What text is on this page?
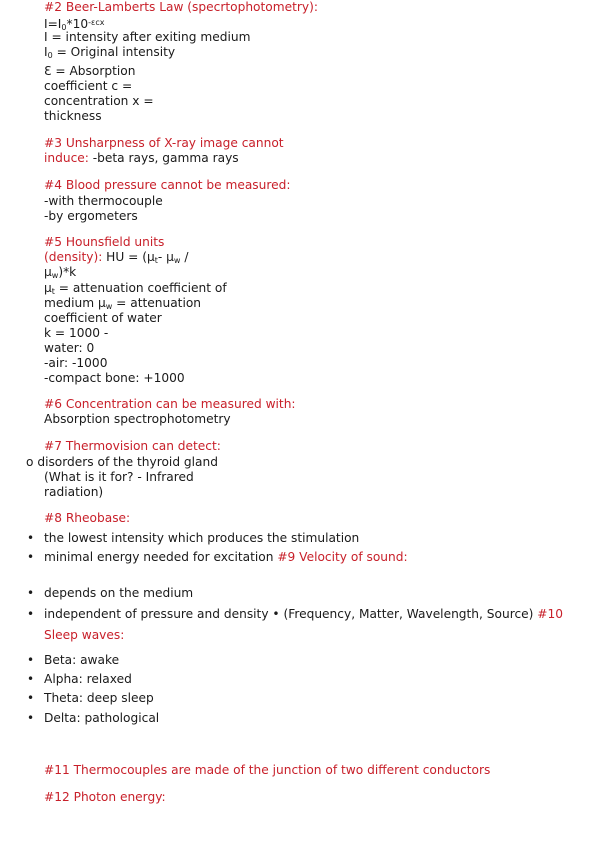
#2 Beer-Lamberts Law (specrtophotometry):
$I=I_0*10^{-\varepsilon cx}$
I = intensity after exiting medium
$I_0$ = Original intensity
Ɛ = Absorption
coefficient c =
concentration x =
thickness
#3 Unsharpness of X-ray image cannot
induce: -beta rays, gamma rays
#4 Blood pressure cannot be measured:
-with thermocouple
-by ergometers
#5 Hounsfield units
(density): HU = ($\mu_t-$ $\mu_w$ /
$\mu_w)*k$
$\mu_t$ = attenuation coefficient of
medium $\mu_w$ = attenuation
coefficient of water
k = 1000 -
water: 0
-air: -1000
-compact bone: +1000
#6 Concentration can be measured with:
Absorption spectrophotometry
#7 Thermovision can detect:
o disorders of the thyroid gland
(What is it for? - Infrared
radiation)
#8 Rheobase:
• the lowest intensity which produces the stimulation
• minimal energy needed for excitation #9 Velocity of sound:
• depends on the medium
• independent of pressure and density • (Frequency, Matter, Wavelength, Source) #10
Sleep waves:
• Beta: awake
• Alpha: relaxed
• Theta: deep sleep
• Delta: pathological
#11 Thermocouples are made of the junction of two different conductors
#12 Photon energy:
